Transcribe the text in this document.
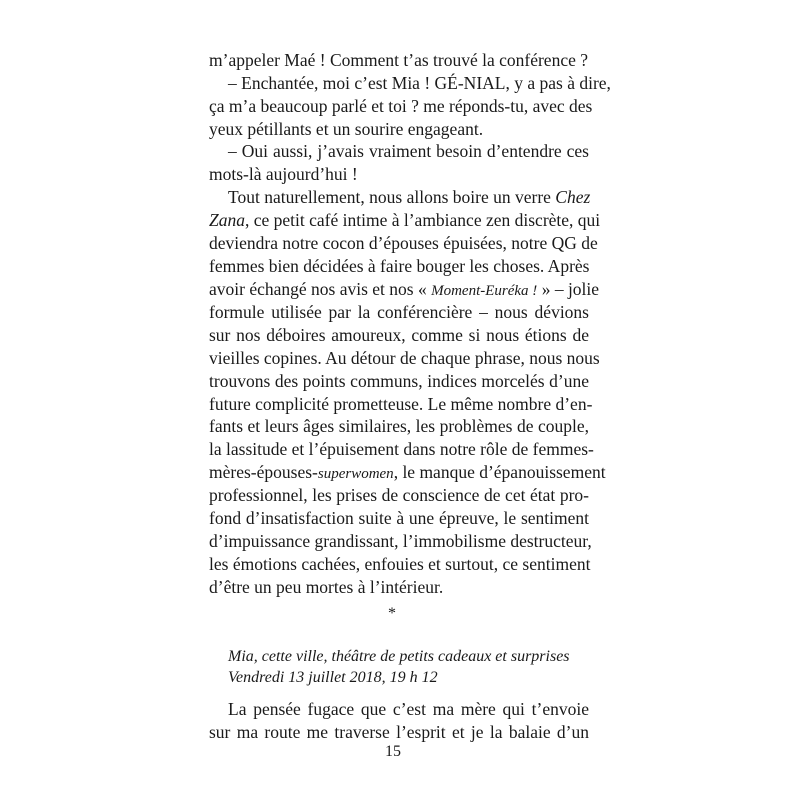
m’appeler Maé ! Comment t’as trouvé la conférence ?
– Enchantée, moi c’est Mia ! GÉ-NIAL, y a pas à dire,
ça m’a beaucoup parlé et toi ? me réponds-tu, avec des
yeux pétillants et un sourire engageant.
– Oui aussi, j’avais vraiment besoin d’entendre ces
mots-là aujourd’hui !
Tout naturellement, nous allons boire un verre Chez
Zana, ce petit café intime à l’ambiance zen discrète, qui
deviendra notre cocon d’épouses épuisées, notre QG de
femmes bien décidées à faire bouger les choses. Après
avoir échangé nos avis et nos « Moment-Euréka ! » – jolie
formule utilisée par la conférencière – nous dévions
sur nos déboires amoureux, comme si nous étions de
vieilles copines. Au détour de chaque phrase, nous nous
trouvons des points communs, indices morcelés d’une
future complicité prometteuse. Le même nombre d’en-
fants et leurs âges similaires, les problèmes de couple,
la lassitude et l’épuisement dans notre rôle de femmes-
mères-épouses-superwomen, le manque d’épanouissement
professionnel, les prises de conscience de cet état pro-
fond d’insatisfaction suite à une épreuve, le sentiment
d’impuissance grandissant, l’immobilisme destructeur,
les émotions cachées, enfouies et surtout, ce sentiment
d’être un peu mortes à l’intérieur.
*
Mia, cette ville, théâtre de petits cadeaux et surprises
Vendredi 13 juillet 2018, 19 h 12
La pensée fugace que c’est ma mère qui t’envoie
sur ma route me traverse l’esprit et je la balaie d’un
15
